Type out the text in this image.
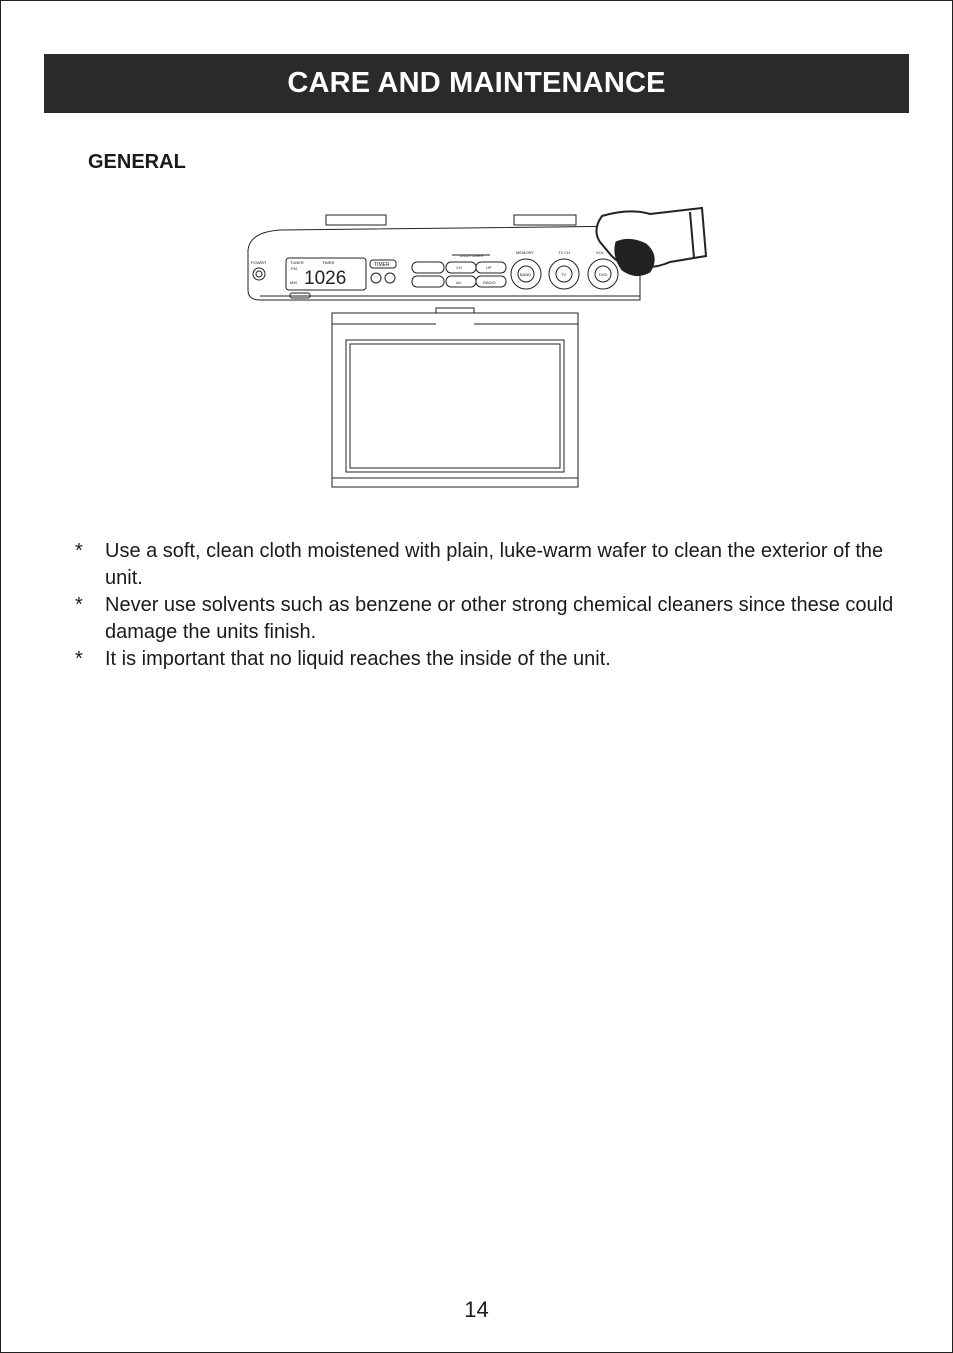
CARE AND MAINTENANCE
GENERAL
POWER	TUNER
FM
MW
TIMER
1026
TIMER
DVD/TUNER
CH	UP
AV	RADIO
MEMORY
BAND
TV CH
TV
VOL
DVD
*	Use a soft, clean cloth moistened with plain, luke-warm wafer to clean the exterior of the unit.
*	Never use solvents such as benzene or other strong chemical cleaners since these could damage the units finish.
*	It is important that no liquid reaches the inside of the unit.
14
